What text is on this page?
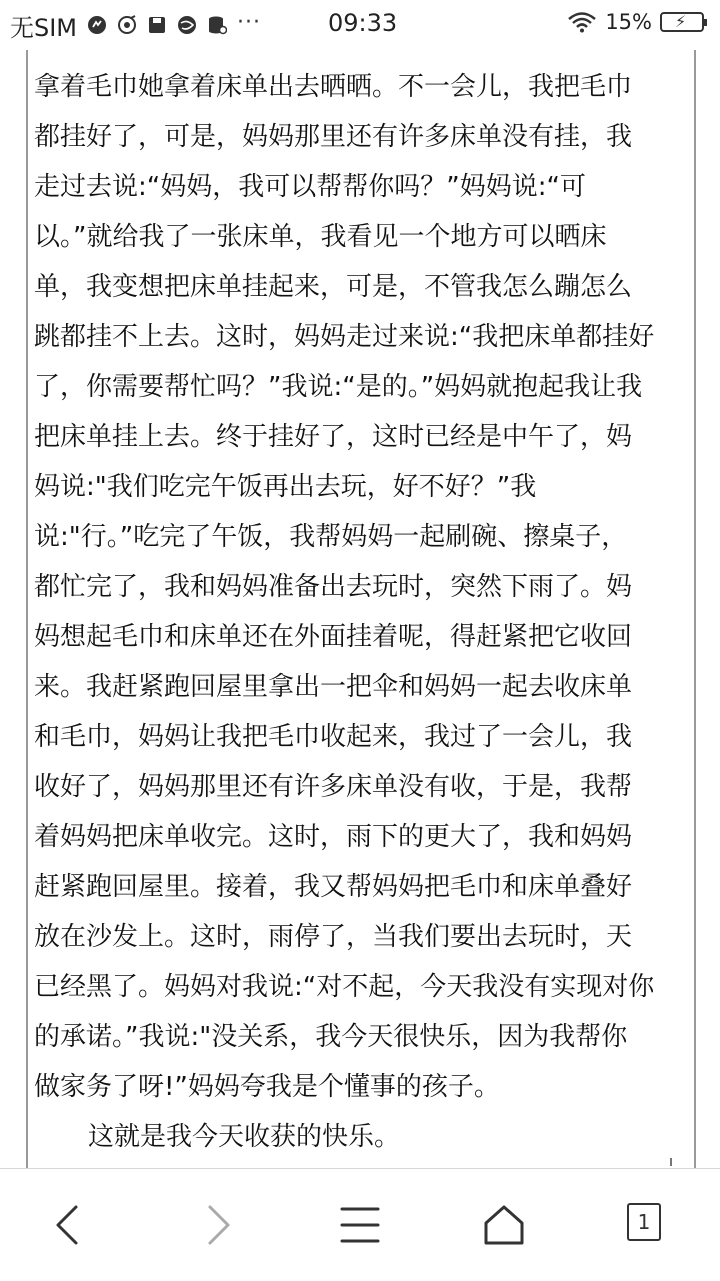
无SIM	···	09:33	15% ⚡
拿着毛巾她拿着床单出去晒晒。不一会儿，我把毛巾
都挂好了，可是，妈妈那里还有许多床单没有挂，我
走过去说:“妈妈，我可以帮帮你吗？”妈妈说:“可
以。”就给我了一张床单，我看见一个地方可以晒床
单，我变想把床单挂起来，可是，不管我怎么蹦怎么
跳都挂不上去。这时，妈妈走过来说:“我把床单都挂好
了，你需要帮忙吗？”我说:“是的。”妈妈就抱起我让我
把床单挂上去。终于挂好了，这时已经是中午了，妈
妈说:"我们吃完午饭再出去玩，好不好？”我
说:"行。”吃完了午饭，我帮妈妈一起刷碗、擦桌子，
都忙完了，我和妈妈准备出去玩时，突然下雨了。妈
妈想起毛巾和床单还在外面挂着呢，得赶紧把它收回
来。我赶紧跑回屋里拿出一把伞和妈妈一起去收床单
和毛巾，妈妈让我把毛巾收起来，我过了一会儿，我
收好了，妈妈那里还有许多床单没有收，于是，我帮
着妈妈把床单收完。这时，雨下的更大了，我和妈妈
赶紧跑回屋里。接着，我又帮妈妈把毛巾和床单叠好
放在沙发上。这时，雨停了，当我们要出去玩时，天
已经黑了。妈妈对我说:“对不起，今天我没有实现对你
的承诺。”我说:"没关系，我今天很快乐，因为我帮你
做家务了呀!”妈妈夸我是个懂事的孩子。
这就是我今天收获的快乐。
1
